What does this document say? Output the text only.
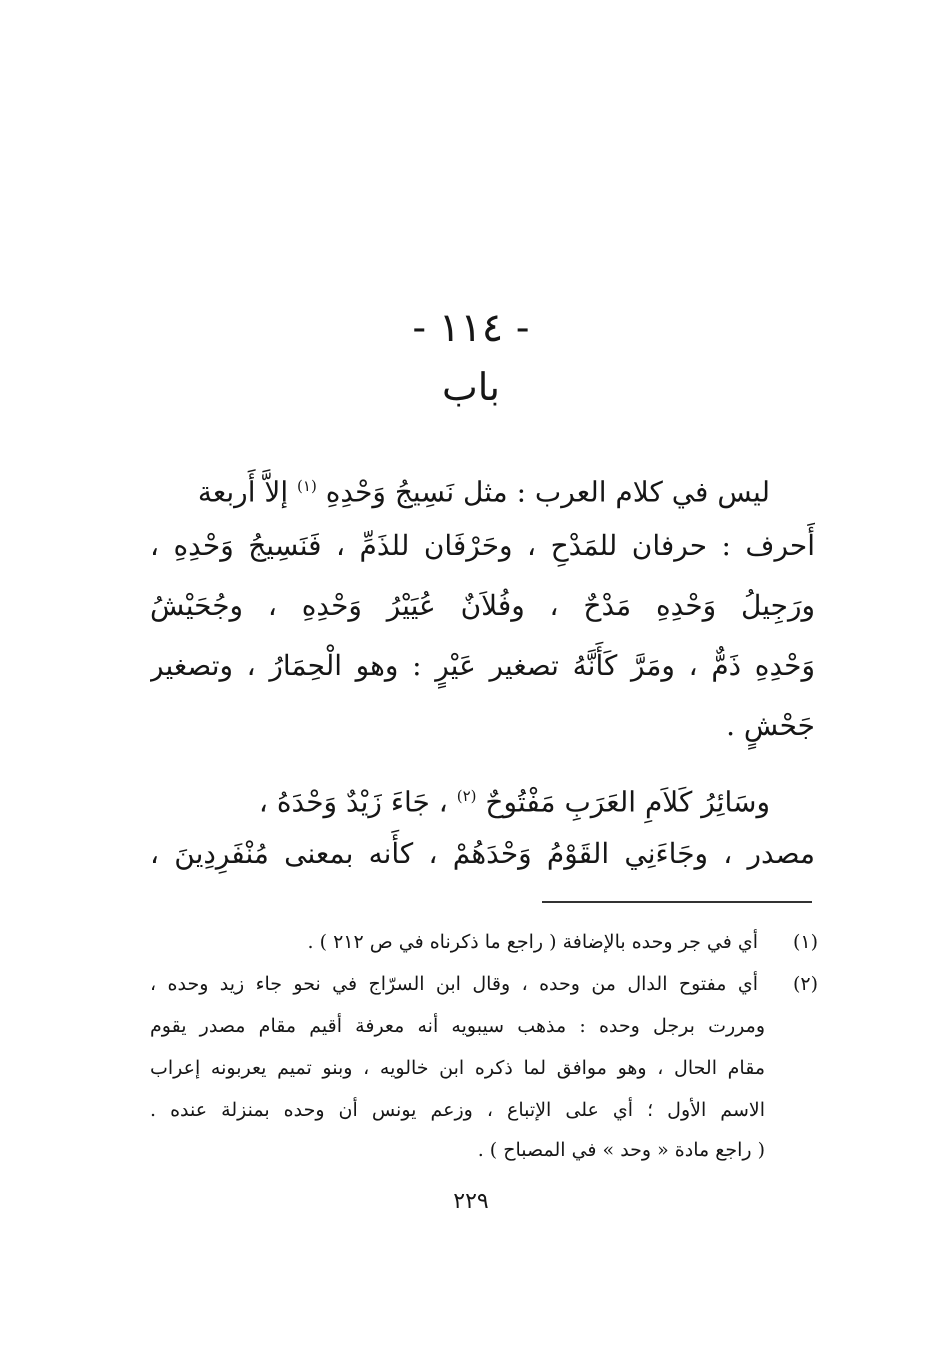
- ١١٤ -
باب
ليس في كلام العرب : مثل نَسِيجُ وَحْدِهِ $^{(١)}$ إلاَّ أَربعة
أَحرف : حرفان للمَدْحِ ، وحَرْفَان للذَمِّ ، فَنَسِيجُ وَحْدِهِ ،
ورَجِيلُ وَحْدِهِ مَدْحٌ ، وفُلاَنٌ عُيَيْرُ وَحْدِهِ ، وجُحَيْشُ
وَحْدِهِ ذَمٌّ ، ومَرَّ كَأَنَّهُ تصغير عَيْرٍ : وهو الْحِمَارُ ، وتصغير
جَحْشٍ .
وسَائِرُ كَلاَمِ العَرَبِ مَفْتُوحٌ $^{(٢)}$ ، جَاءَ زَيْدٌ وَحْدَهُ ،
مصدر ، وجَاءَنِي القَوْمُ وَحْدَهُمْ ، كأَنه بمعنى مُنْفَرِدِينَ ،
(١)
أي في جر وحده بالإضافة ( راجع ما ذكرناه في ص ٢١٢ ) .
(٢)
أي مفتوح الدال من وحده ، وقال ابن السرّاج في نحو جاء زيد وحده ،
ومررت برجل وحده : مذهب سيبويه أنه معرفة أقيم مقام مصدر يقوم
مقام الحال ، وهو موافق لما ذكره ابن خالويه ، وبنو تميم يعربونه إعراب
الاسم الأول ؛ أي على الإتباع ، وزعم يونس أن وحده بمنزلة عنده .
( راجع مادة « وحد » في المصباح ) .
٢٢٩
